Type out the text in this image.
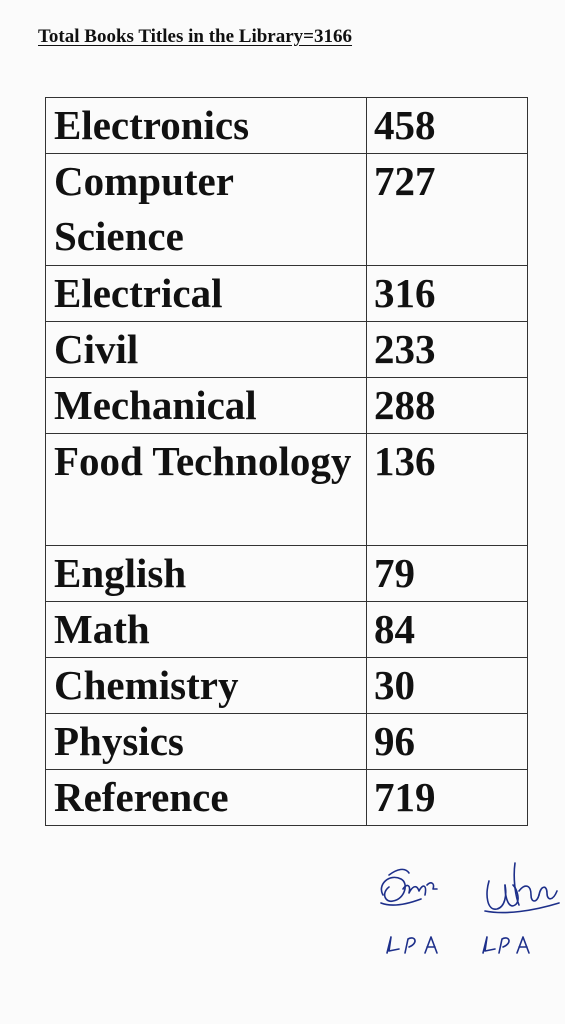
Total Books Titles in the Library=3166
Electronics	458
Computer Science	727
Electrical	316
Civil	233
Mechanical	288
Food Technology	136
English	79
Math	84
Chemistry	30
Physics	96
Reference	719
